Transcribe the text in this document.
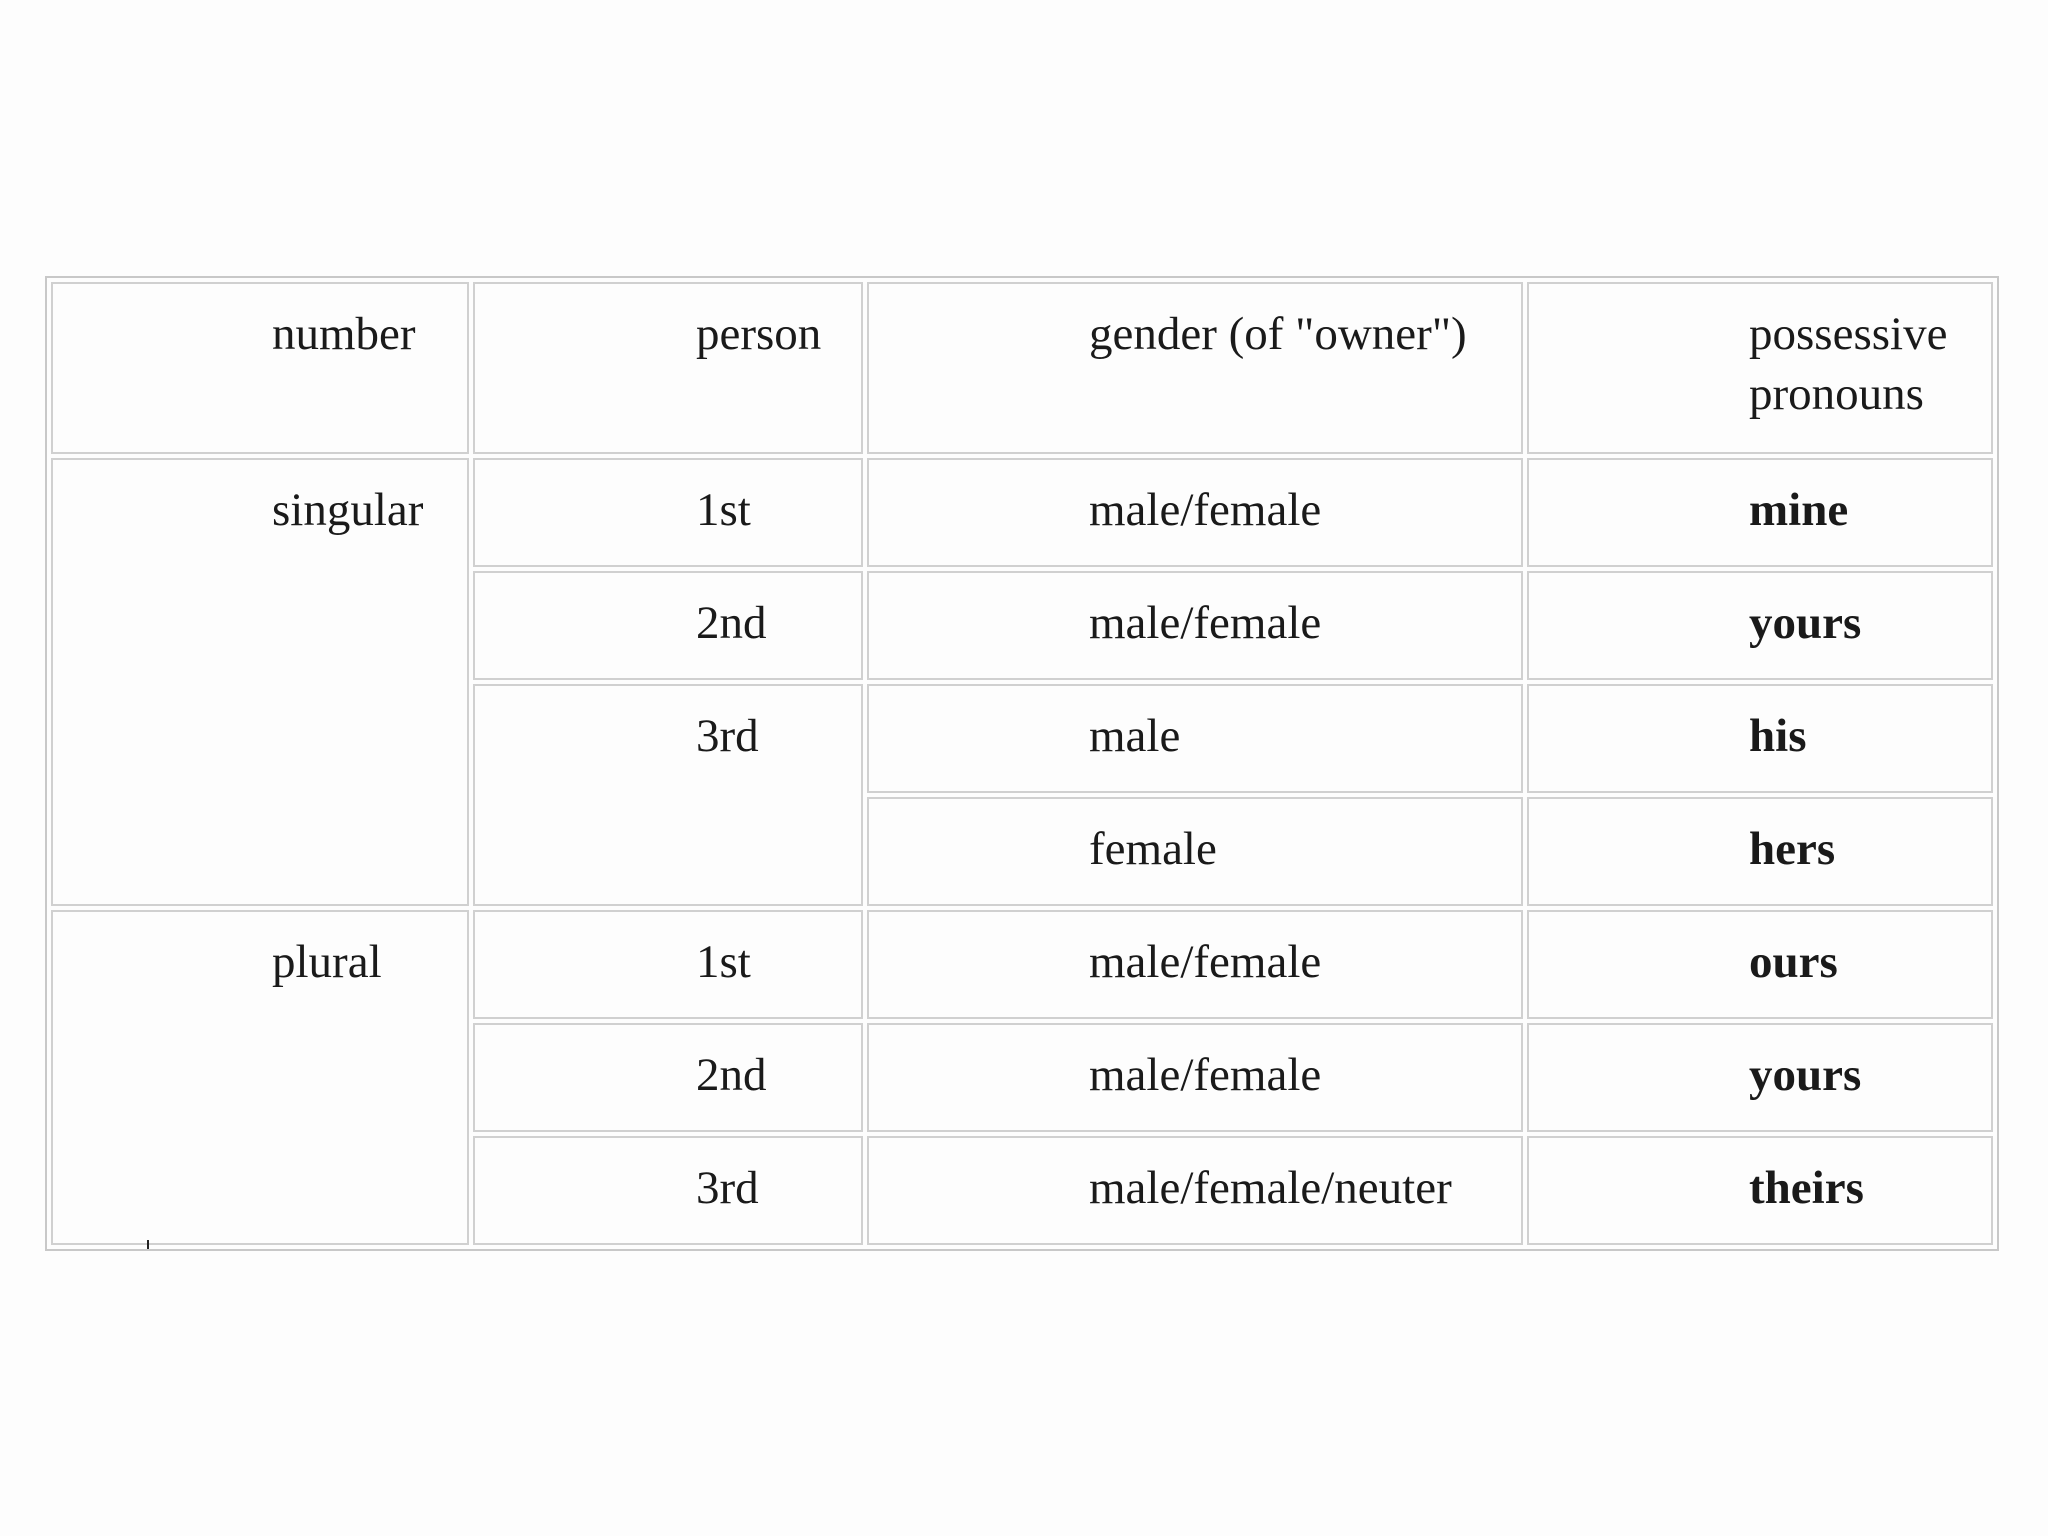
number	person	gender (of "owner")	possessive pronouns
singular	1st	male/female	mine
	2nd	male/female	yours
	3rd	male	his
		female	hers
plural	1st	male/female	ours
	2nd	male/female	yours
	3rd	male/female/neuter	theirs
